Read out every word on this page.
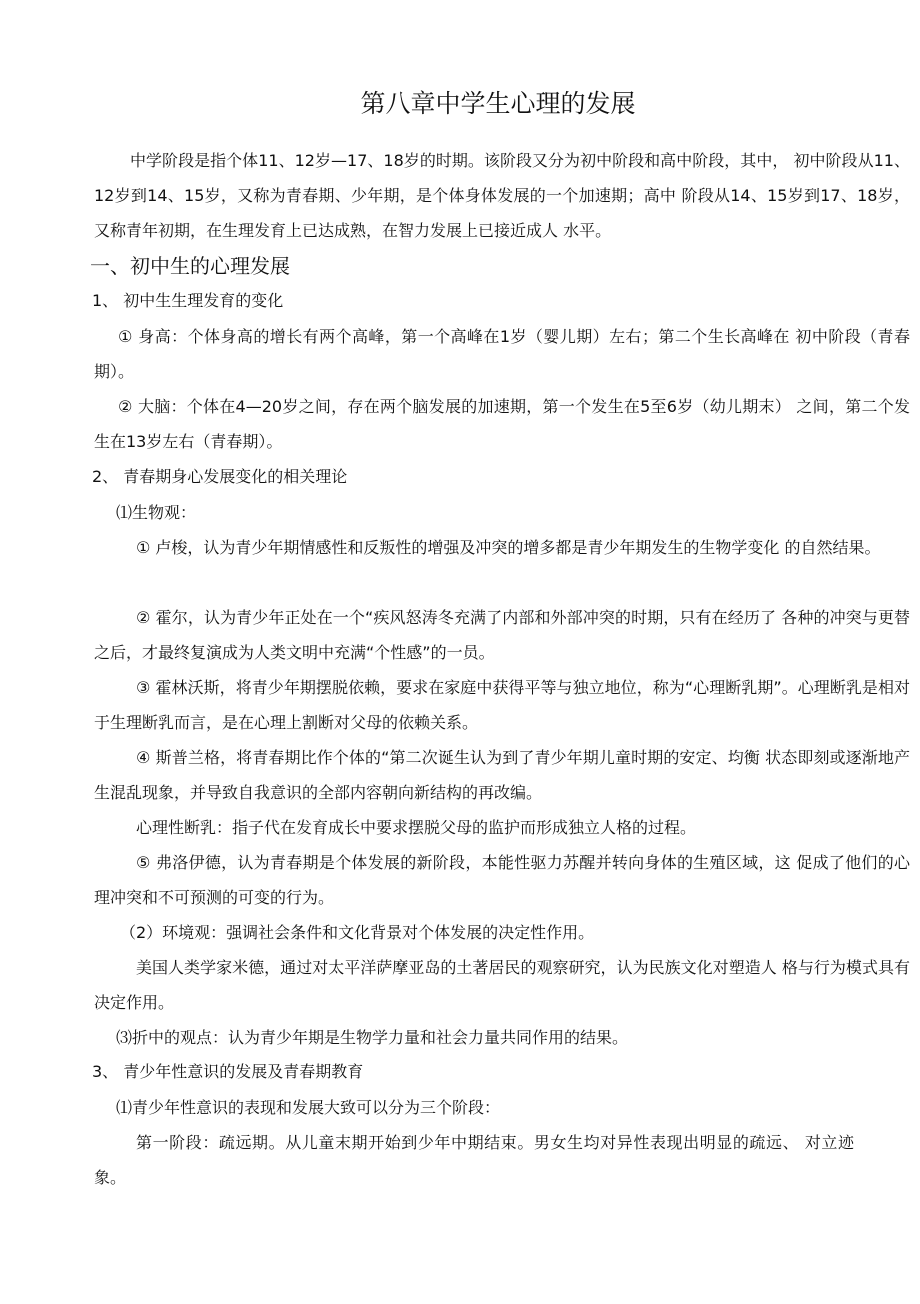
第八章中学生心理的发展

中学阶段是指个体11、12岁—17、18岁的时期。该阶段又分为初中阶段和高中阶段，其中， 初中阶段从11、12岁到14、15岁，又称为青春期、少年期，是个体身体发展的一个加速期；高中 阶段从14、15岁到17、18岁，又称青年初期，在生理发育上已达成熟，在智力发展上已接近成人 水平。

一、初中生的心理发展
1、 初中生生理发育的变化

① 身高：个体身高的增长有两个高峰，第一个高峰在1岁（婴儿期）左右；第二个生长高峰在 初中阶段（青春期）。

② 大脑：个体在4—20岁之间，存在两个脑发展的加速期，第一个发生在5至6岁（幼儿期末） 之间，第二个发生在13岁左右（青春期）。

2、 青春期身心发展变化的相关理论

⑴生物观：

① 卢梭，认为青少年期情感性和反叛性的增强及冲突的增多都是青少年期发生的生物学变化 的自然结果。

② 霍尔，认为青少年正处在一个“疾风怒涛冬充满了内部和外部冲突的时期，只有在经历了 各种的冲突与更替之后，才最终复演成为人类文明中充满“个性感”的一员。

③ 霍林沃斯，将青少年期摆脱依赖，要求在家庭中获得平等与独立地位，称为“心理断乳期”。心理断乳是相对于生理断乳而言，是在心理上割断对父母的依赖关系。

④ 斯普兰格，将青春期比作个体的“第二次诞生认为到了青少年期儿童时期的安定、均衡 状态即刻或逐渐地产生混乱现象，并导致自我意识的全部内容朝向新结构的再改编。

心理性断乳：指子代在发育成长中要求摆脱父母的监护而形成独立人格的过程。

⑤ 弗洛伊德，认为青春期是个体发展的新阶段，本能性驱力苏醒并转向身体的生殖区域，这 促成了他们的心理冲突和不可预测的可变的行为。

（2）环境观：强调社会条件和文化背景对个体发展的决定性作用。

美国人类学家米德，通过对太平洋萨摩亚岛的土著居民的观察研究，认为民族文化对塑造人 格与行为模式具有决定作用。

⑶折中的观点：认为青少年期是生物学力量和社会力量共同作用的结果。

3、 青少年性意识的发展及青春期教育

⑴青少年性意识的表现和发展大致可以分为三个阶段：

第一阶段：疏远期。从儿童末期开始到少年中期结束。男女生均对异性表现出明显的疏远、 对立迹象。
